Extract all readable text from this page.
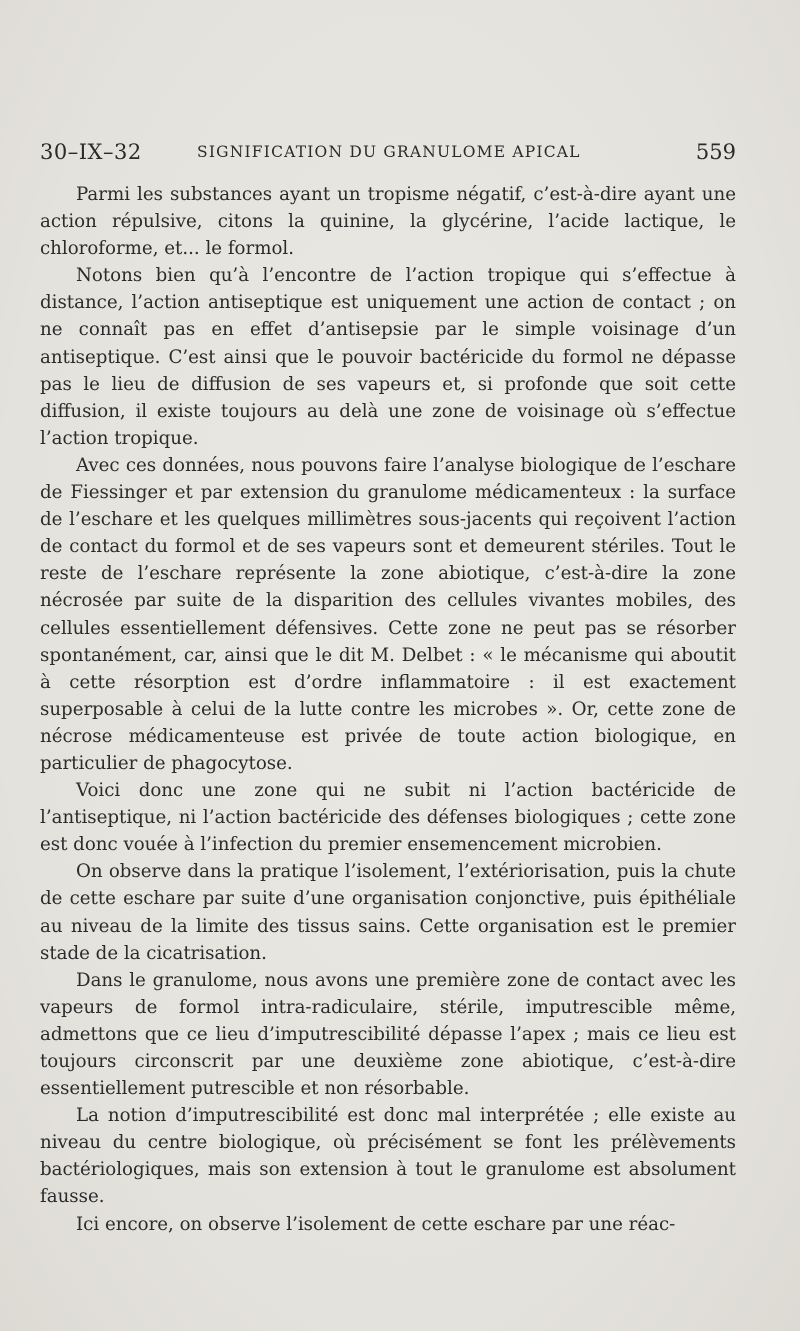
30–IX–32	SIGNIFICATION DU GRANULOME APICAL	559

Parmi les substances ayant un tropisme négatif, c’est-à-dire ayant une action répulsive, citons la quinine, la glycérine, l’acide lactique, le chloroforme, et... le formol.

Notons bien qu’à l’encontre de l’action tropique qui s’effectue à distance, l’action antiseptique est uniquement une action de contact ; on ne connaît pas en effet d’antisepsie par le simple voisinage d’un antiseptique. C’est ainsi que le pouvoir bactéricide du formol ne dépasse pas le lieu de diffusion de ses vapeurs et, si profonde que soit cette diffusion, il existe toujours au delà une zone de voisinage où s’effectue l’action tropique.

Avec ces données, nous pouvons faire l’analyse biologique de l’eschare de Fiessinger et par extension du granulome médicamenteux : la surface de l’eschare et les quelques millimètres sous-jacents qui reçoivent l’action de contact du formol et de ses vapeurs sont et demeurent stériles. Tout le reste de l’eschare représente la zone abiotique, c’est-à-dire la zone nécrosée par suite de la disparition des cellules vivantes mobiles, des cellules essentiellement défensives. Cette zone ne peut pas se résorber spontanément, car, ainsi que le dit M. Delbet : « le mécanisme qui aboutit à cette résorption est d’ordre inflammatoire : il est exactement superposable à celui de la lutte contre les microbes ». Or, cette zone de nécrose médicamenteuse est privée de toute action biologique, en particulier de phagocytose.

Voici donc une zone qui ne subit ni l’action bactéricide de l’antiseptique, ni l’action bactéricide des défenses biologiques ; cette zone est donc vouée à l’infection du premier ensemencement microbien.

On observe dans la pratique l’isolement, l’extériorisation, puis la chute de cette eschare par suite d’une organisation conjonctive, puis épithéliale au niveau de la limite des tissus sains. Cette organisation est le premier stade de la cicatrisation.

Dans le granulome, nous avons une première zone de contact avec les vapeurs de formol intra-radiculaire, stérile, imputrescible même, admettons que ce lieu d’imputrescibilité dépasse l’apex ; mais ce lieu est toujours circonscrit par une deuxième zone abiotique, c’est-à-dire essentiellement putrescible et non résorbable.

La notion d’imputrescibilité est donc mal interprétée ; elle existe au niveau du centre biologique, où précisément se font les prélèvements bactériologiques, mais son extension à tout le granulome est absolument fausse.

Ici encore, on observe l’isolement de cette eschare par une réac-
